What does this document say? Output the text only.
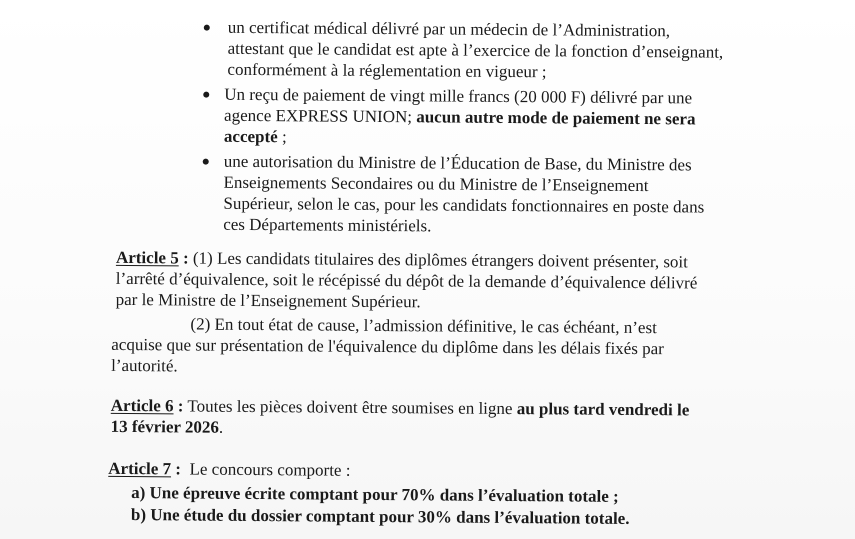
un certificat médical délivré par un médecin de l’Administration,
attestant que le candidat est apte à l’exercice de la fonction d’enseignant,
conformément à la réglementation en vigueur ;
Un reçu de paiement de vingt mille francs (20 000 F) délivré par une
agence EXPRESS UNION; aucun autre mode de paiement ne sera
accepté ;
une autorisation du Ministre de l’Éducation de Base, du Ministre des
Enseignements Secondaires ou du Ministre de l’Enseignement
Supérieur, selon le cas, pour les candidats fonctionnaires en poste dans
ces Départements ministériels.
Article 5 : (1) Les candidats titulaires des diplômes étrangers doivent présenter, soit
l’arrêté d’équivalence, soit le récépissé du dépôt de la demande d’équivalence délivré
par le Ministre de l’Enseignement Supérieur.
(2) En tout état de cause, l’admission définitive, le cas échéant, n’est
acquise que sur présentation de l'équivalence du diplôme dans les délais fixés par
l’autorité.
Article 6 : Toutes les pièces doivent être soumises en ligne au plus tard vendredi le
13 février 2026.
Article 7 :  Le concours comporte :
a) Une épreuve écrite comptant pour 70% dans l’évaluation totale ;
b) Une étude du dossier comptant pour 30% dans l’évaluation totale.
